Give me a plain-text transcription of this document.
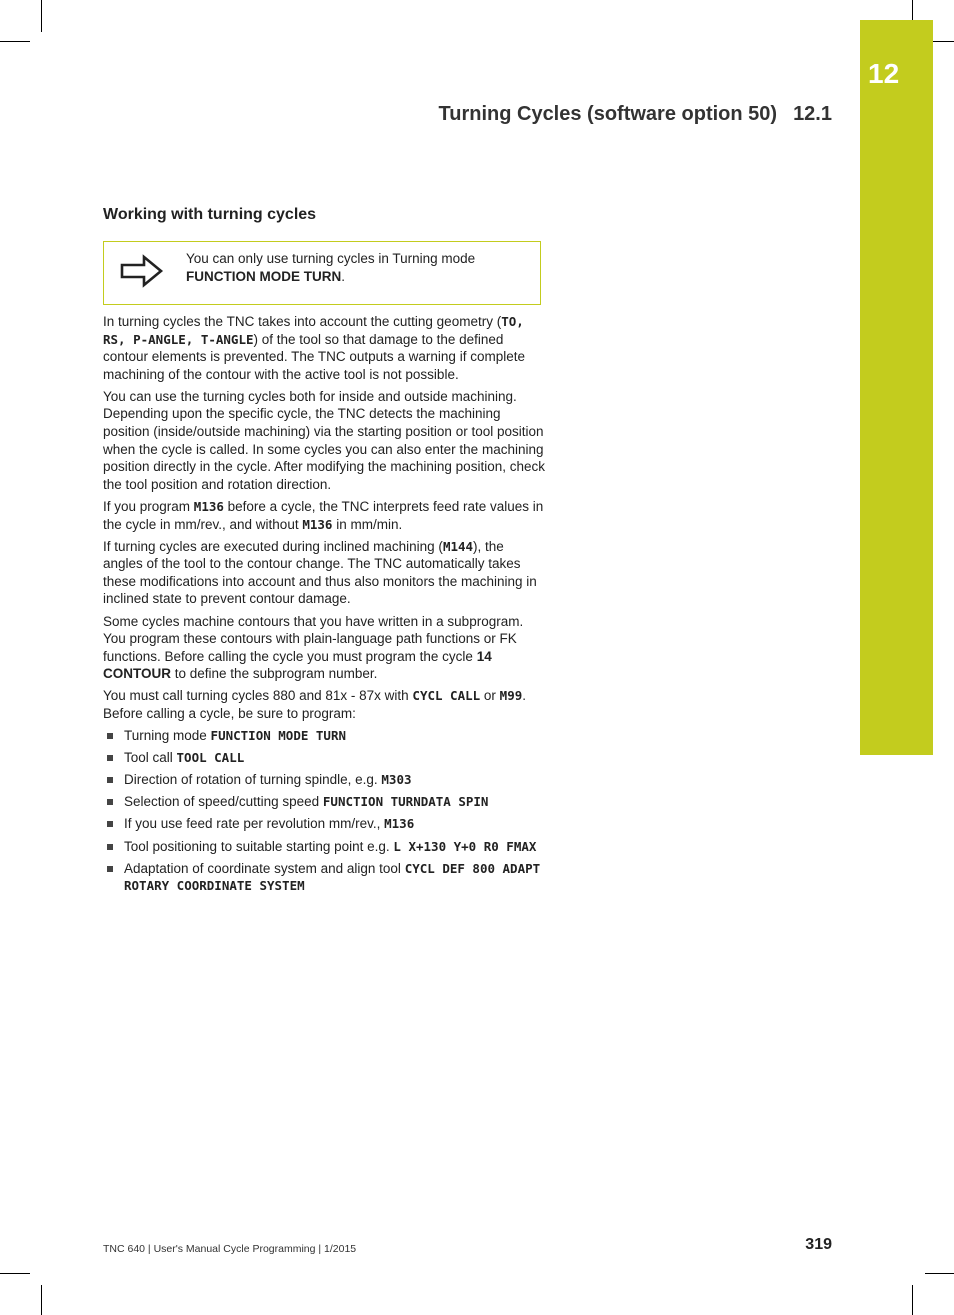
12
Turning Cycles (software option 50) 12.1
Working with turning cycles
You can only use turning cycles in Turning mode
FUNCTION MODE TURN.

In turning cycles the TNC takes into account the cutting geometry (TO, RS, P-ANGLE, T-ANGLE) of the tool so that damage to the defined contour elements is prevented. The TNC outputs a warning if complete machining of the contour with the active tool is not possible.

You can use the turning cycles both for inside and outside machining. Depending upon the specific cycle, the TNC detects the machining position (inside/outside machining) via the starting position or tool position when the cycle is called. In some cycles you can also enter the machining position directly in the cycle. After modifying the machining position, check the tool position and rotation direction.

If you program M136 before a cycle, the TNC interprets feed rate values in the cycle in mm/rev., and without M136 in mm/min.

If turning cycles are executed during inclined machining (M144), the angles of the tool to the contour change. The TNC automatically takes these modifications into account and thus also monitors the machining in inclined state to prevent contour damage.

Some cycles machine contours that you have written in a subprogram. You program these contours with plain-language path functions or FK functions. Before calling the cycle you must program the cycle 14 CONTOUR to define the subprogram number.

You must call turning cycles 880 and 81x - 87x with CYCL CALL or M99. Before calling a cycle, be sure to program:

Turning mode FUNCTION MODE TURN
Tool call TOOL CALL
Direction of rotation of turning spindle, e.g. M303
Selection of speed/cutting speed FUNCTION TURNDATA SPIN
If you use feed rate per revolution mm/rev., M136
Tool positioning to suitable starting point e.g. L X+130 Y+0 R0 FMAX
Adaptation of coordinate system and align tool CYCL DEF 800 ADAPT ROTARY COORDINATE SYSTEM
TNC 640 | User's Manual Cycle Programming | 1/2015	319
